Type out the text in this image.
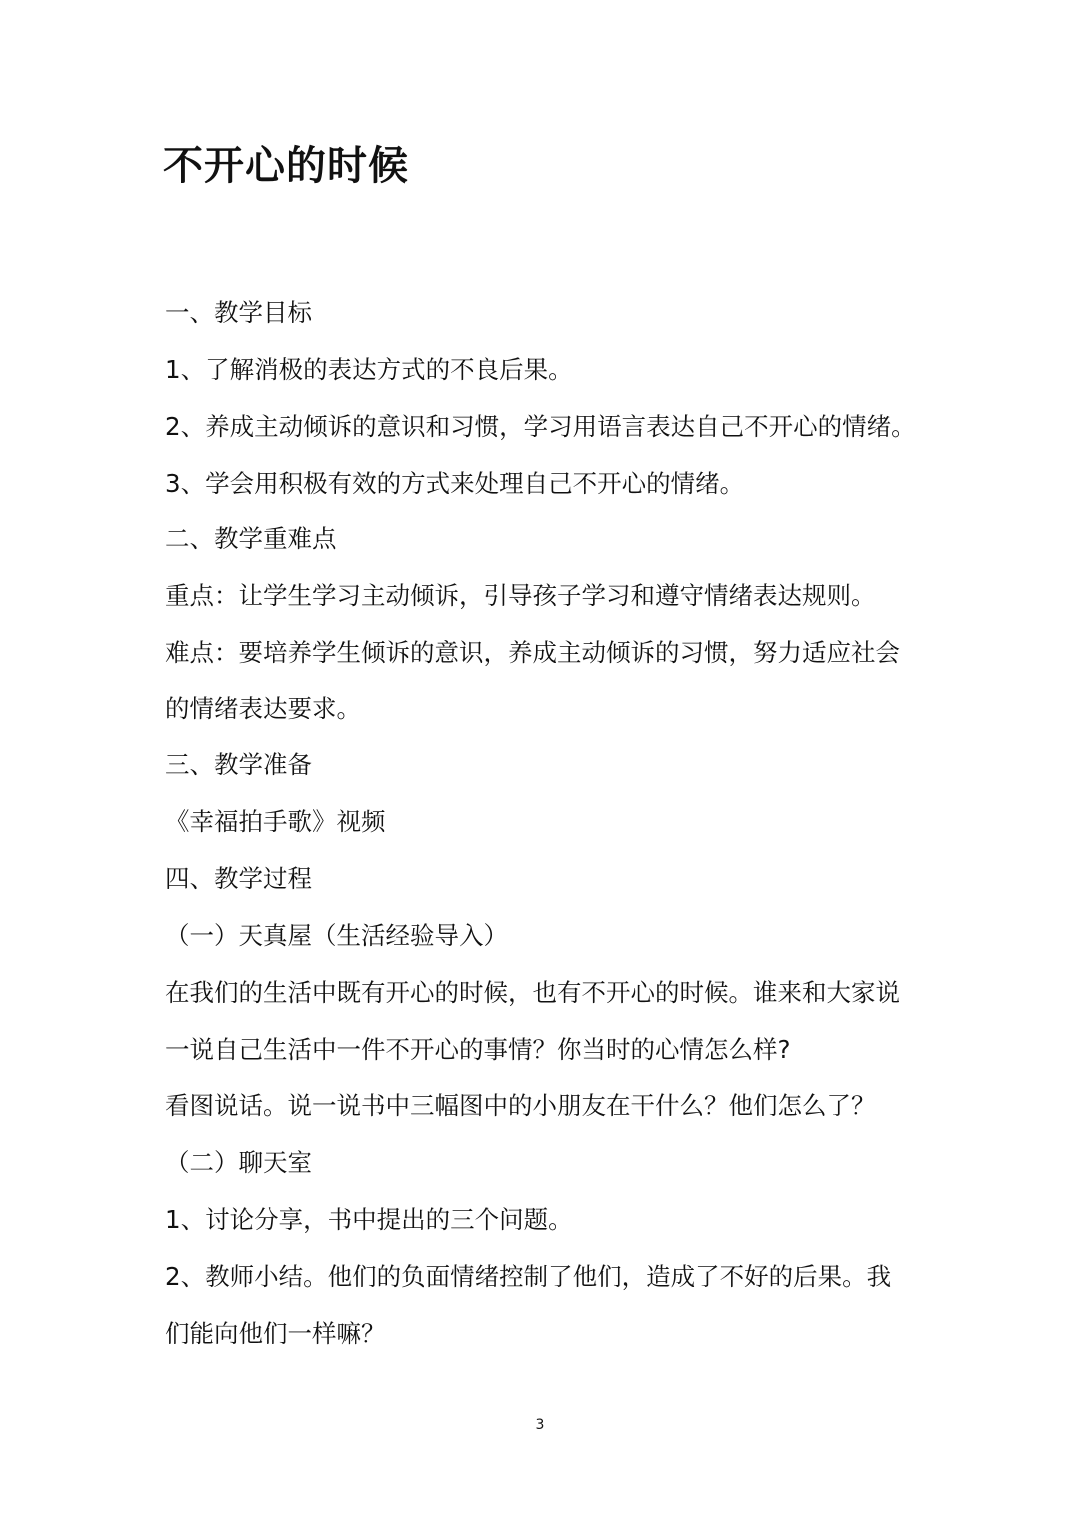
不开心的时候
一、教学目标
1、了解消极的表达方式的不良后果。
2、养成主动倾诉的意识和习惯，学习用语言表达自己不开心的情绪。
3、学会用积极有效的方式来处理自己不开心的情绪。
二、教学重难点
重点：让学生学习主动倾诉，引导孩子学习和遵守情绪表达规则。
难点：要培养学生倾诉的意识，养成主动倾诉的习惯，努力适应社会
的情绪表达要求。
三、教学准备
《幸福拍手歌》视频
四、教学过程
（一）天真屋（生活经验导入）
在我们的生活中既有开心的时候，也有不开心的时候。谁来和大家说
一说自己生活中一件不开心的事情？你当时的心情怎么样?
看图说话。说一说书中三幅图中的小朋友在干什么？他们怎么了？
（二）聊天室
1、讨论分享，书中提出的三个问题。
2、教师小结。他们的负面情绪控制了他们，造成了不好的后果。我
们能向他们一样嘛？
3
